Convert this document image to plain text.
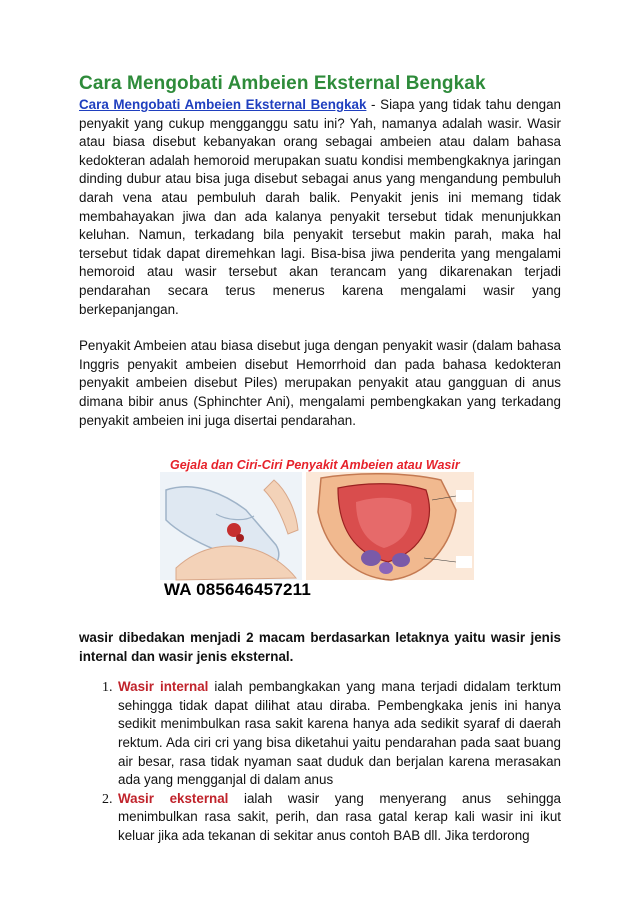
Cara Mengobati Ambeien Eksternal Bengkak

Cara Mengobati Ambeien Eksternal Bengkak - Siapa yang tidak tahu dengan penyakit yang cukup mengganggu satu ini? Yah, namanya adalah wasir. Wasir atau biasa disebut kebanyakan orang sebagai ambeien atau dalam bahasa kedokteran adalah hemoroid merupakan suatu kondisi membengkaknya jaringan dinding dubur atau bisa juga disebut sebagai anus yang mengandung pembuluh darah vena atau pembuluh darah balik. Penyakit jenis ini memang tidak membahayakan jiwa dan ada kalanya penyakit tersebut tidak menunjukkan keluhan. Namun, terkadang bila penyakit tersebut makin parah, maka hal tersebut tidak dapat diremehkan lagi. Bisa-bisa jiwa penderita yang mengalami hemoroid atau wasir tersebut akan terancam yang dikarenakan terjadi pendarahan secara terus menerus karena mengalami wasir yang berkepanjangan.

Penyakit Ambeien atau biasa disebut juga dengan penyakit wasir (dalam bahasa Inggris penyakit ambeien disebut Hemorrhoid dan pada bahasa kedokteran penyakit ambeien disebut Piles) merupakan penyakit atau gangguan di anus dimana bibir anus (Sphinchter Ani), mengalami pembengkakan yang terkadang penyakit ambeien ini juga disertai pendarahan.

Gejala dan Ciri-Ciri Penyakit Ambeien atau Wasir
WA 085646457211

wasir dibedakan menjadi 2 macam berdasarkan letaknya yaitu wasir jenis internal dan wasir jenis eksternal.

1. Wasir internal ialah pembangkakan yang mana terjadi didalam terktum sehingga tidak dapat dilihat atau diraba. Pembengkaka jenis ini hanya sedikit menimbulkan rasa sakit karena hanya ada sedikit syaraf di daerah rektum. Ada ciri cri yang bisa diketahui yaitu pendarahan pada saat buang air besar, rasa tidak nyaman saat duduk dan berjalan karena merasakan ada yang mengganjal di dalam anus
2. Wasir eksternal ialah wasir yang menyerang anus sehingga menimbulkan rasa sakit, perih, dan rasa gatal kerap kali wasir ini ikut keluar jika ada tekanan di sekitar anus contoh BAB dll. Jika terdorong
